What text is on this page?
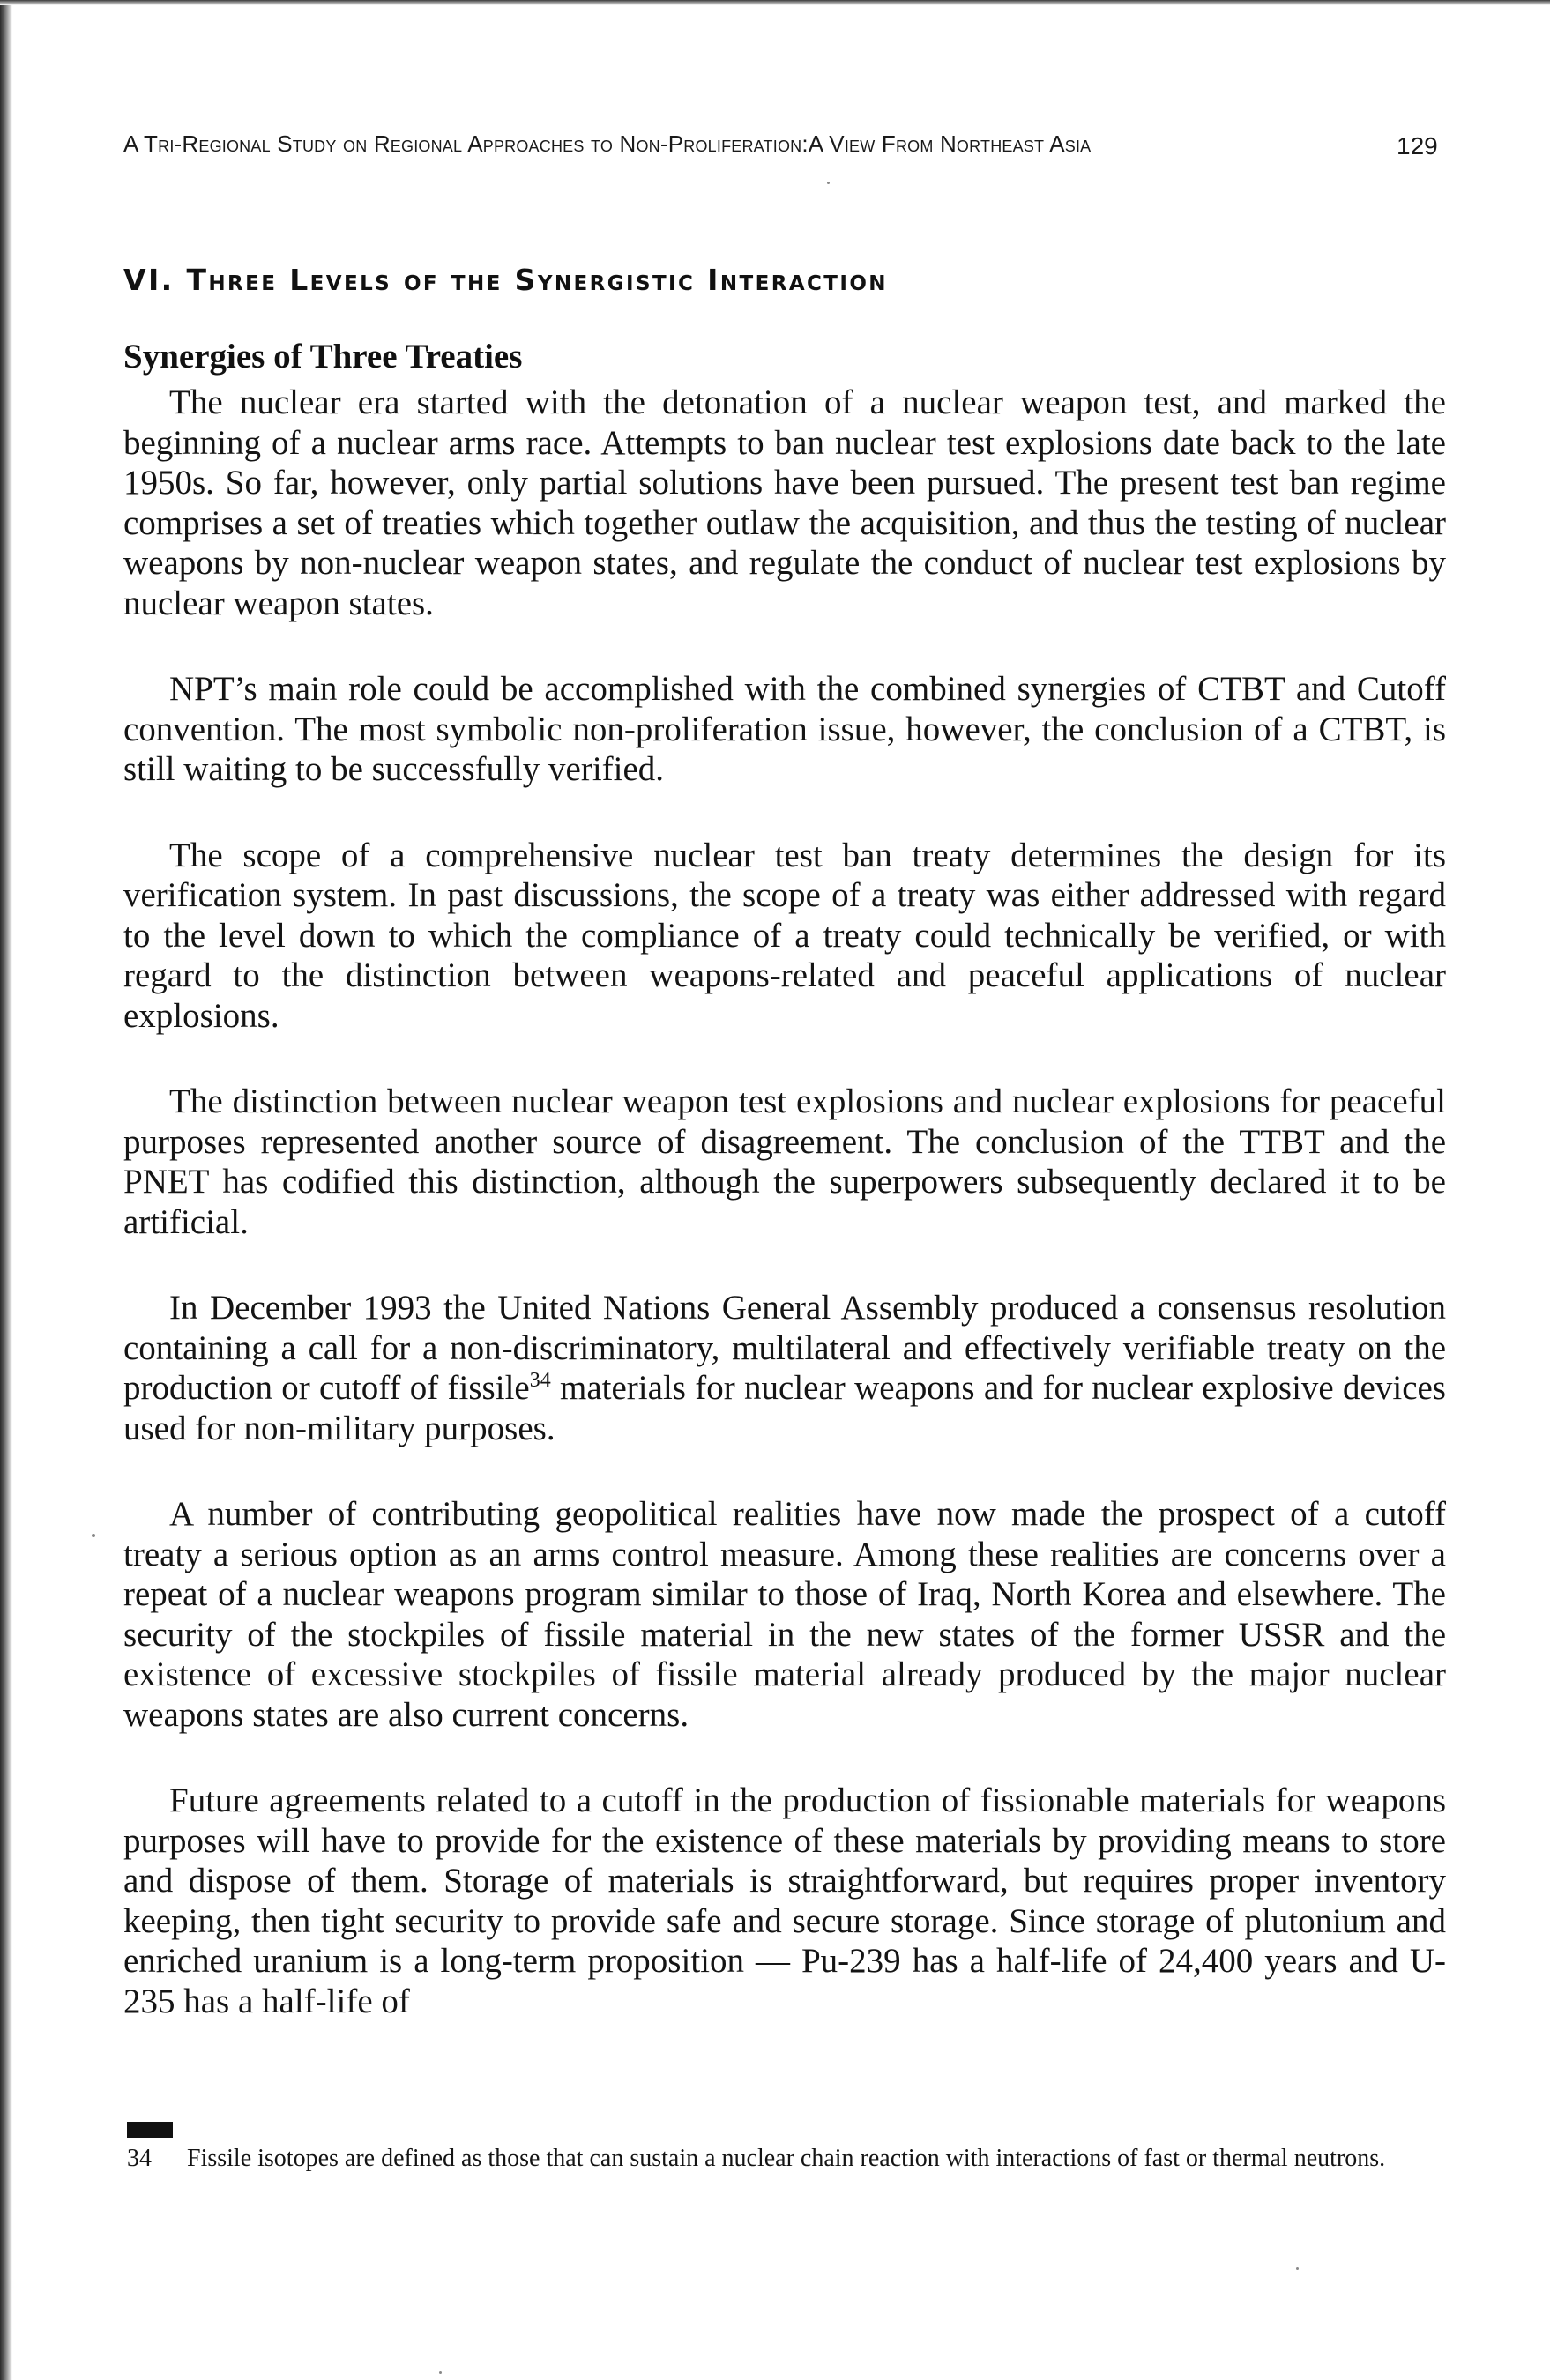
A Tri-Regional Study on Regional Approaches to Non-Proliferation:A View From Northeast Asia	129
VI. Three Levels of the Synergistic Interaction
Synergies of Three Treaties

The nuclear era started with the detonation of a nuclear weapon test, and marked the beginning of a nuclear arms race. Attempts to ban nuclear test explosions date back to the late 1950s. So far, however, only partial solutions have been pursued. The present test ban regime comprises a set of treaties which together outlaw the acquisition, and thus the testing of nuclear weapons by non-nuclear weapon states, and regulate the conduct of nuclear test explosions by nuclear weapon states.

NPT’s main role could be accomplished with the combined synergies of CTBT and Cutoff convention. The most symbolic non-proliferation issue, however, the conclusion of a CTBT, is still waiting to be successfully verified.

The scope of a comprehensive nuclear test ban treaty determines the design for its verification system. In past discussions, the scope of a treaty was either addressed with regard to the level down to which the compliance of a treaty could technically be verified, or with regard to the distinction between weapons-related and peaceful applications of nuclear explosions.

The distinction between nuclear weapon test explosions and nuclear explosions for peaceful purposes represented another source of disagreement. The conclusion of the TTBT and the PNET has codified this distinction, although the superpowers subsequently declared it to be artificial.

In December 1993 the United Nations General Assembly produced a consensus resolution containing a call for a non-discriminatory, multilateral and effectively verifiable treaty on the production or cutoff of fissile$^{34}$ materials for nuclear weapons and for nuclear explosive devices used for non-military purposes.

A number of contributing geopolitical realities have now made the prospect of a cutoff treaty a serious option as an arms control measure. Among these realities are concerns over a repeat of a nuclear weapons program similar to those of Iraq, North Korea and elsewhere. The security of the stockpiles of fissile material in the new states of the former USSR and the existence of excessive stockpiles of fissile material already produced by the major nuclear weapons states are also current concerns.

Future agreements related to a cutoff in the production of fissionable materials for weapons purposes will have to provide for the existence of these materials by providing means to store and dispose of them. Storage of materials is straightforward, but requires proper inventory keeping, then tight security to provide safe and secure storage. Since storage of plutonium and enriched uranium is a long-term proposition — Pu-239 has a half-life of 24,400 years and U-235 has a half-life of

34 Fissile isotopes are defined as those that can sustain a nuclear chain reaction with interactions of fast or thermal neutrons.
